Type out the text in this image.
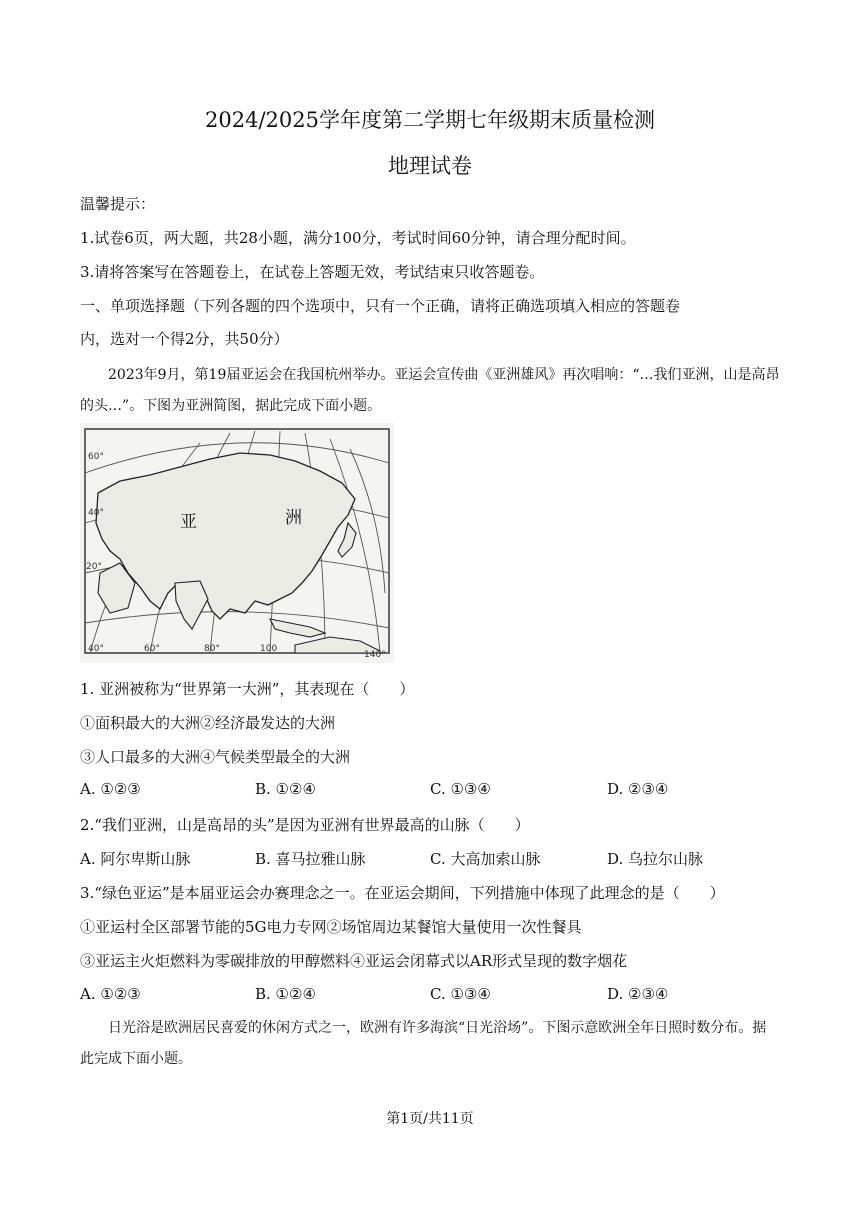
2024/2025学年度第二学期七年级期末质量检测
地理试卷
温馨提示：
1.试卷6页，两大题，共28小题，满分100分，考试时间60分钟，请合理分配时间。
3.请将答案写在答题卷上，在试卷上答题无效，考试结束只收答题卷。
一、单项选择题（下列各题的四个选项中，只有一个正确，请将正确选项填入相应的答题卷
内，选对一个得2分，共50分）
2023年9月，第19届亚运会在我国杭州举办。亚运会宣传曲《亚洲雄风》再次唱响：“…我们亚洲，山是高昂的头…”。下图为亚洲简图，据此完成下面小题。
亚	洲
60°
40°
20°
40°	60°	80°	100
140°
1. 亚洲被称为“世界第一大洲”，其表现在（　　）
①面积最大的大洲②经济最发达的大洲
③人口最多的大洲④气候类型最全的大洲
A. ①②③	B. ①②④	C. ①③④	D. ②③④
2.“我们亚洲，山是高昂的头”是因为亚洲有世界最高的山脉（　　）
A. 阿尔卑斯山脉	B. 喜马拉雅山脉	C. 大高加索山脉	D. 乌拉尔山脉
3.“绿色亚运”是本届亚运会办赛理念之一。在亚运会期间，下列措施中体现了此理念的是（　　）
①亚运村全区部署节能的5G电力专网②场馆周边某餐馆大量使用一次性餐具
③亚运主火炬燃料为零碳排放的甲醇燃料④亚运会闭幕式以AR形式呈现的数字烟花
A. ①②③	B. ①②④	C. ①③④	D. ②③④
日光浴是欧洲居民喜爱的休闲方式之一，欧洲有许多海滨“日光浴场”。下图示意欧洲全年日照时数分布。据此完成下面小题。
第1页/共11页
